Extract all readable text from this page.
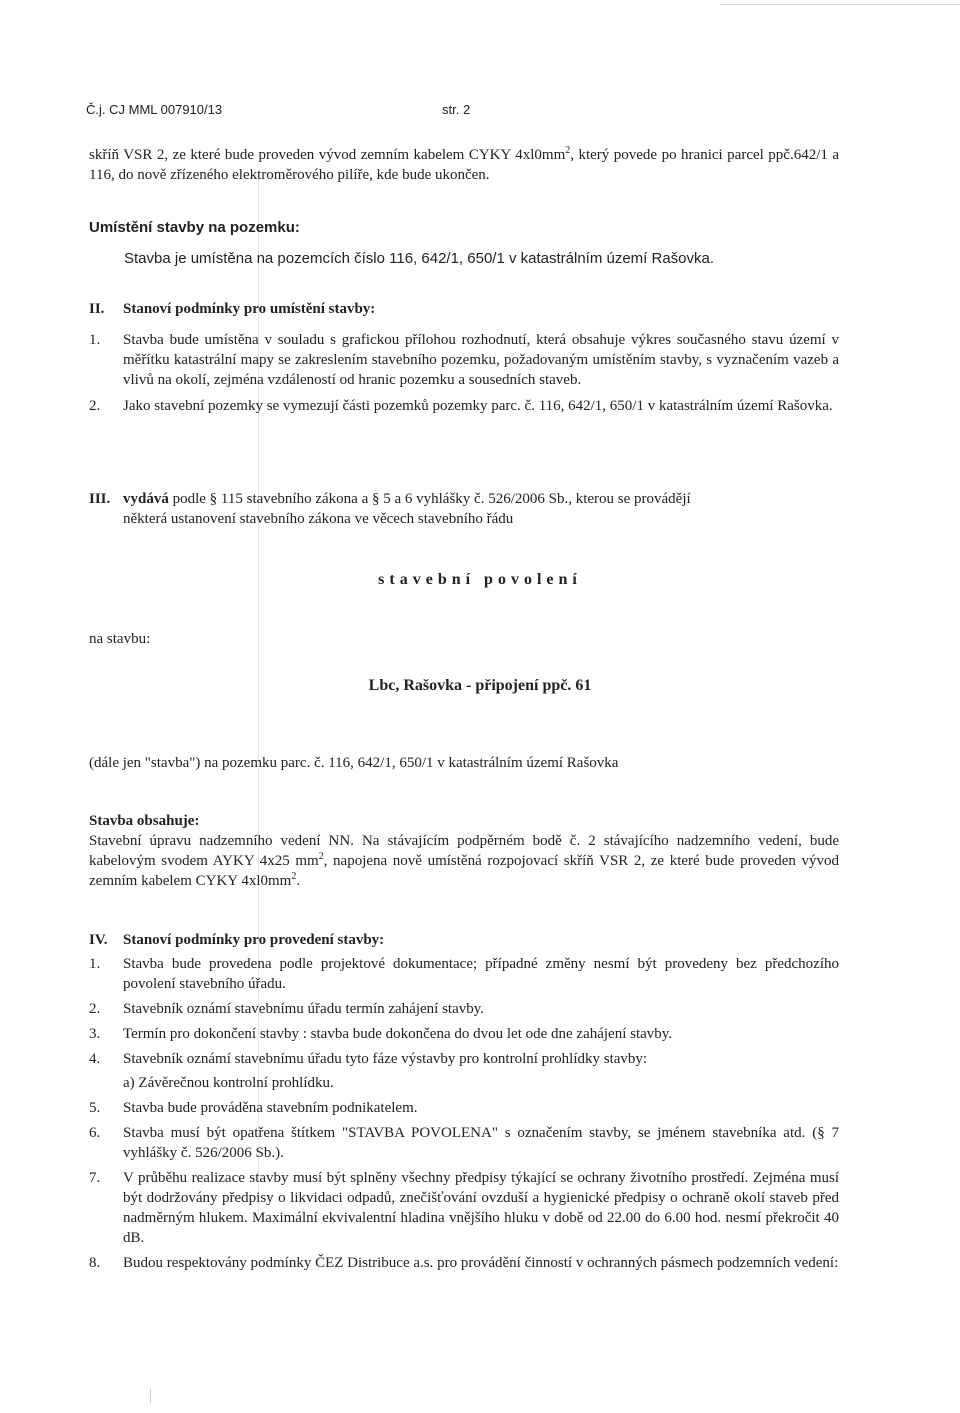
Č.j. CJ MML 007910/13	str. 2
skříň VSR 2, ze které bude proveden vývod zemním kabelem CYKY $4xl0mm^2$, který povede po hranici parcel ppč.642/1 a 116, do nově zřízeného elektroměrového pilíře, kde bude ukončen.
Umístění stavby na pozemku:
Stavba je umístěna na pozemcích číslo 116, 642/1, 650/1 v katastrálním území Rašovka.
II. Stanoví podmínky pro umístění stavby:
1. Stavba bude umístěna v souladu s grafickou přílohou rozhodnutí, která obsahuje výkres současného stavu území v měřítku katastrální mapy se zakreslením stavebního pozemku, požadovaným umístěním stavby, s vyznačením vazeb a vlivů na okolí, zejména vzdáleností od hranic pozemku a sousedních staveb.
2. Jako stavební pozemky se vymezují části pozemků pozemky parc. č. 116, 642/1, 650/1 v katastrálním území Rašovka.
III. vydává podle § 115 stavebního zákona a § 5 a 6 vyhlášky č. 526/2006 Sb., kterou se provádějí
některá ustanovení stavebního zákona ve věcech stavebního řádu
stavební povolení
na stavbu:
Lbc, Rašovka - připojení ppč. 61
(dále jen "stavba") na pozemku parc. č. 116, 642/1, 650/1 v katastrálním území Rašovka
Stavba obsahuje:
Stavební úpravu nadzemního vedení NN. Na stávajícím podpěrném bodě č. 2 stávajícího nadzemního vedení, bude kabelovým svodem AYKY 4x25 $mm^2$, napojena nově umístěná rozpojovací skříň VSR 2, ze které bude proveden vývod zemním kabelem CYKY $4xl0mm^2$.
IV. Stanoví podmínky pro provedení stavby:
1. Stavba bude provedena podle projektové dokumentace; případné změny nesmí být provedeny bez předchozího povolení stavebního úřadu.
2. Stavebník oznámí stavebnímu úřadu termín zahájení stavby.
3. Termín pro dokončení stavby : stavba bude dokončena do dvou let ode dne zahájení stavby.
4. Stavebník oznámí stavebnímu úřadu tyto fáze výstavby pro kontrolní prohlídky stavby:
a) Závěrečnou kontrolní prohlídku.
5. Stavba bude prováděna stavebním podnikatelem.
6. Stavba musí být opatřena štítkem "STAVBA POVOLENA" s označením stavby, se jménem stavebníka atd. (§ 7 vyhlášky č. 526/2006 Sb.).
7. V průběhu realizace stavby musí být splněny všechny předpisy týkající se ochrany životního prostředí. Zejména musí být dodržovány předpisy o likvidaci odpadů, znečišťování ovzduší a hygienické předpisy o ochraně okolí staveb před nadměrným hlukem. Maximální ekvivalentní hladina vnějšího hluku v době od 22.00 do 6.00 hod. nesmí překročit 40 dB.
8. Budou respektovány podmínky ČEZ Distribuce a.s. pro provádění činností v ochranných pásmech podzemních vedení:
